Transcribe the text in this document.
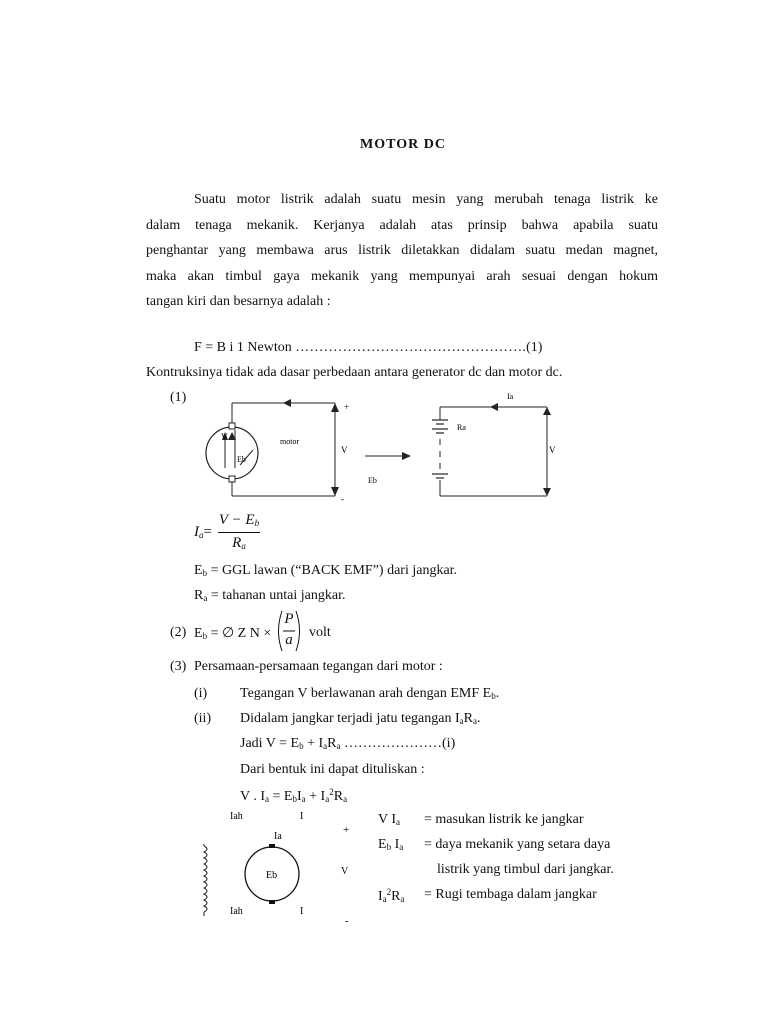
MOTOR DC
Suatu motor listrik adalah suatu mesin yang merubah tenaga listrik ke
dalam tenaga mekanik. Kerjanya adalah atas prinsip bahwa apabila suatu
penghantar yang membawa arus listrik diletakkan didalam suatu medan magnet,
maka akan timbul gaya mekanik yang mempunyai arah sesuai dengan hokum
tangan kiri dan besarnya adalah :
F = B i 1 Newton ………………………………………….(1)
Kontruksinya tidak ada dasar perbedaan antara generator dc dan motor dc.
(1)
V
Eb
motor
+
-
V
Eb
Ia
Ra
V
$I_a=$
$V - E_b$
$R_a$
$E_b$ = GGL lawan (“BACK EMF”) dari jangkar.
$R_a$ = tahanan untai jangkar.
(2) $E_b$ = ∅ Z N ×
P
a	volt
(3) Persamaan-persamaan tegangan dari motor :
(i) Tegangan V berlawanan arah dengan EMF $E_b$.
(ii) Didalam jangkar terjadi jatu tegangan $I_aR_a$.
Jadi $V = E_b + I_aR_a$ …………………(i)
Dari bentuk ini dapat dituliskan :
V . $I_a = E_bI_a + I_a^2R_a$
Iah	I
Ia
+
Eb	V
Iah	I
-
V $I_a$ = masukan listrik ke jangkar
$E_b$ $I_a$ = daya mekanik yang setara daya
listrik yang timbul dari jangkar.
$I_a^2R_a$ = Rugi tembaga dalam jangkar
